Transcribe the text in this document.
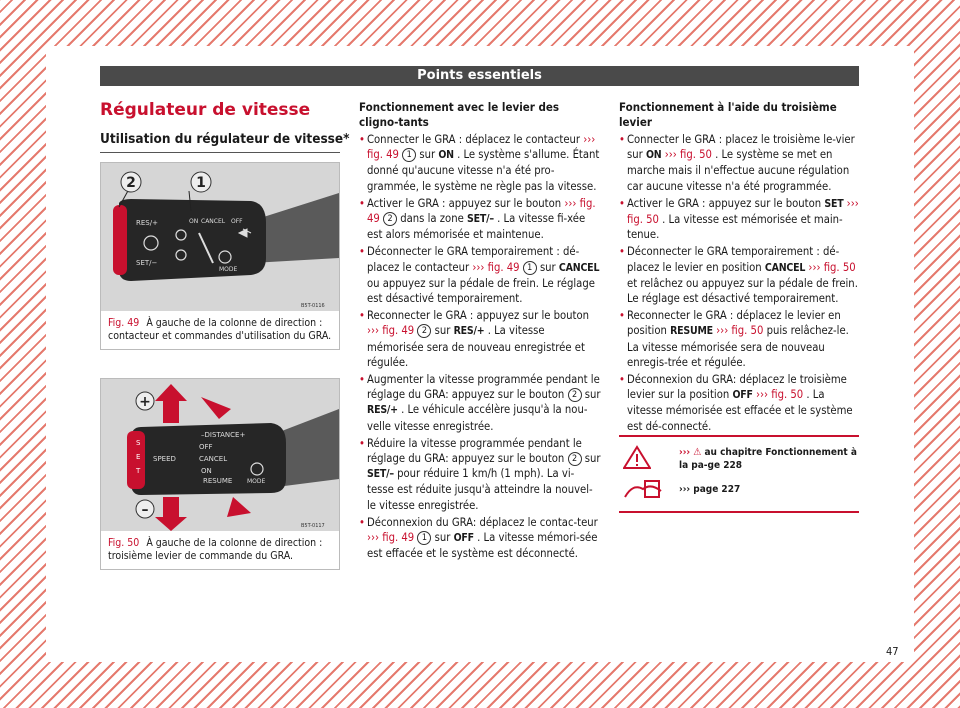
Points essentiels
Régulateur de vitesse
Utilisation du régulateur de vitesse*
2	1
RES/+	ON CANCEL OFF
SET/−
MODE
B5T-0116
Fig. 49 À gauche de la colonne de direction : contacteur et commandes d'utilisation du GRA.
+
–
–DISTANCE+
OFF
SPEED	CANCEL
ON
RESUME MODE
S
E
T
B5T-0117
Fig. 50 À gauche de la colonne de direction : troisième levier de commande du GRA.
Fonctionnement avec le levier des cligno-tants
• Connecter le GRA : déplacez le contacteur ››› fig. 49 1 sur ON . Le système s'allume. Étant donné qu'aucune vitesse n'a été pro-grammée, le système ne règle pas la vitesse.
• Activer le GRA : appuyez sur le bouton ››› fig. 49 2 dans la zone SET/– . La vitesse fi-xée est alors mémorisée et maintenue.
• Déconnecter le GRA temporairement : dé-placez le contacteur ››› fig. 49 1 sur CANCEL ou appuyez sur la pédale de frein. Le réglage est désactivé temporairement.
• Reconnecter le GRA : appuyez sur le bouton ››› fig. 49 2 sur RES/+ . La vitesse mémorisée sera de nouveau enregistrée et régulée.
• Augmenter la vitesse programmée pendant le réglage du GRA: appuyez sur le bouton 2 sur RES/+ . Le véhicule accélère jusqu'à la nou-velle vitesse enregistrée.
• Réduire la vitesse programmée pendant le réglage du GRA: appuyez sur le bouton 2 sur SET/– pour réduire 1 km/h (1 mph). La vi-tesse est réduite jusqu'à atteindre la nouvel-le vitesse enregistrée.
• Déconnexion du GRA: déplacez le contac-teur ››› fig. 49 1 sur OFF . La vitesse mémori-sée est effacée et le système est déconnecté.
Fonctionnement à l'aide du troisième levier
• Connecter le GRA : placez le troisième le-vier sur ON ››› fig. 50 . Le système se met en marche mais il n'effectue aucune régulation car aucune vitesse n'a été programmée.
• Activer le GRA : appuyez sur le bouton SET ››› fig. 50 . La vitesse est mémorisée et main-tenue.
• Déconnecter le GRA temporairement : dé-placez le levier en position CANCEL ››› fig. 50 et relâchez ou appuyez sur la pédale de frein. Le réglage est désactivé temporairement.
• Reconnecter le GRA : déplacez le levier en position RESUME ››› fig. 50 puis relâchez-le. La vitesse mémorisée sera de nouveau enregis-trée et régulée.
• Déconnexion du GRA: déplacez le troisième levier sur la position OFF ››› fig. 50 . La vitesse mémorisée est effacée et le système est dé-connecté.
››› ⚠ au chapitre Fonctionnement à la pa-ge 228
››› page 227
47
